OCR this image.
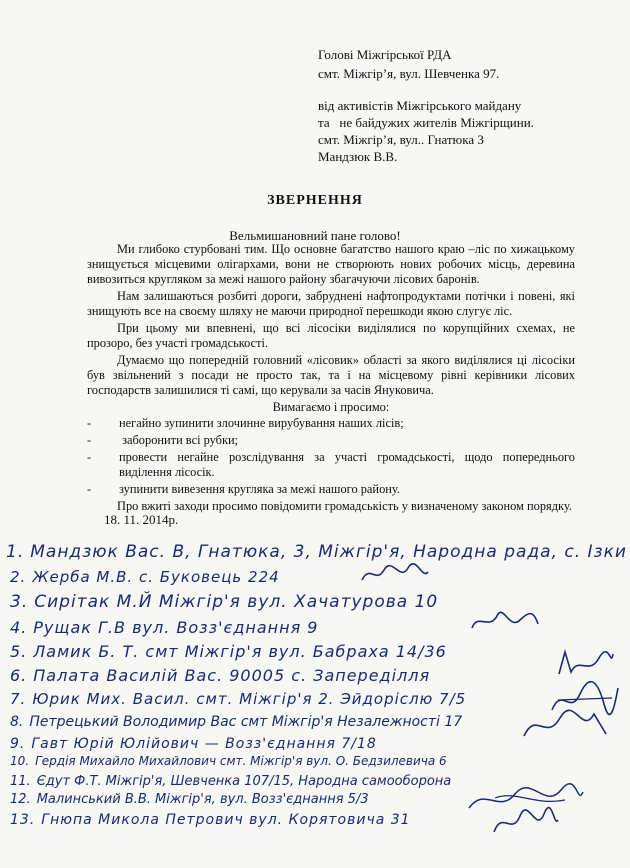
Голові Міжгірської РДА
смт. Міжгір’я, вул. Шевченка 97.
від активістів Міжгірського майдану
та   не байдужих жителів Міжгірщини.
смт. Міжгір’я, вул.. Гнатюка 3
Мандзюк В.В.
ЗВЕРНЕННЯ
Вельмишановний пане голово!

Ми глибоко стурбовані тим. Що основне багатство нашого краю –ліс по хижацькому знищується місцевими олігархами, вони не створюють нових робочих місць, деревина вивозиться кругляком за межі нашого району збагачуючи лісових баронів.

Нам залишаються розбиті дороги, забруднені нафтопродуктами потічки і повені, які знищують все на своєму шляху не маючи природної перешкоди якою слугує ліс.

При цьому ми впевнені, що всі лісосіки виділялися по корупційних схемах, не прозоро, без участі громадськості.

Думаємо що попередній головний «лісовик» області за якого виділялися ці лісосіки був звільнений з посади не просто так, та і на місцевому рівні керівники лісових господарств залишилися ті самі, що керували за часів Януковича.

Вимагаємо і просимо:

- негайно зупинити злочинне вирубування наших лісів;
-  заборонити всі рубки;
- провести негайне розслідування за участі громадськості, щодо попереднього виділення лісосік.
- зупинити вивезення кругляка за межі нашого району.

Про вжиті заходи просимо повідомити громадськість у визначеному законом порядку.

18. 11. 2014р.
1. Мандзюк Вас. В, Гнатюка, 3, Міжгір'я, Народна рада, с. Ізки
2. Жерба М.В. с. Буковець 224
3. Сирітак М.Й Міжгір'я вул. Хачатурова 10
4. Рущак Г.В вул. Возз'єднання 9
5. Ламик Б. Т. смт Міжгір'я вул. Бабраха 14/36
6. Палата Василій Вас. 90005 с. Запереділля
7. Юрик Мих. Васил. смт. Міжгір'я 2. Эйдоріслю 7/5
8. Петрецький Володимир Вас смт Міжгір'я Незалежності 17
9. Гавт Юрій Юлійович — Возз'єднання 7/18
10. Гердія Михайло Михайлович смт. Міжгір'я вул. О. Бедзилевича 6
11. Єдут Ф.Т. Міжгір'я, Шевченка 107/15, Народна самооборона
12. Малинський В.В. Міжгір'я, вул. Возз'єднання 5/3
13. Гнюпа Микола Петрович вул. Корятовича 31
